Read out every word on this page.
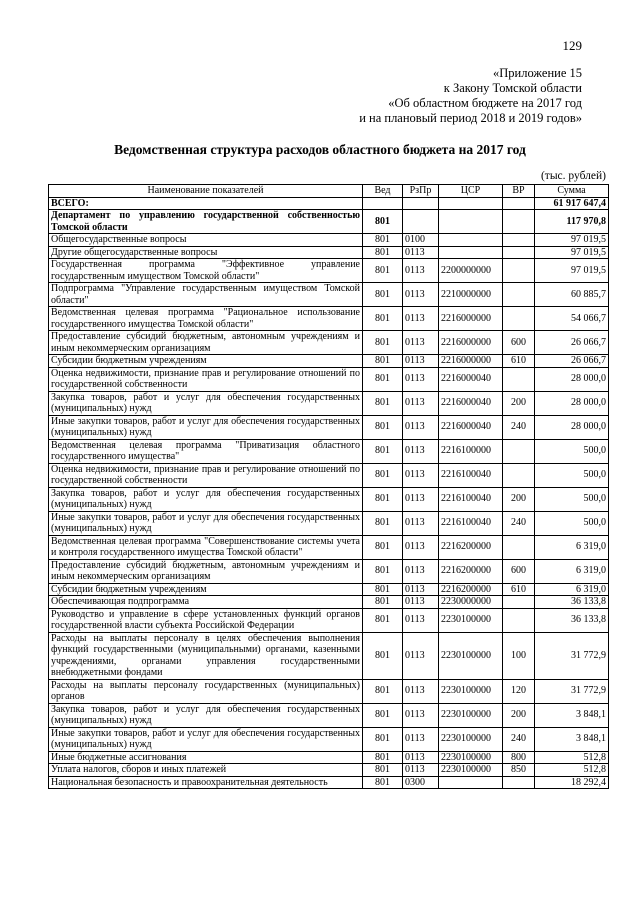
129
«Приложение 15
к Закону Томской области
«Об областном бюджете на 2017 год
и на плановый период 2018 и 2019 годов»
Ведомственная структура расходов областного бюджета на 2017 год
(тыс. рублей)
Наименование показателей	Вед	РзПр	ЦСР	ВР	Сумма
ВСЕГО:					61 917 647,4
Департамент по управлению государственной собственностью Томской области	801				117 970,8
Общегосударственные вопросы	801	0100			97 019,5
Другие общегосударственные вопросы	801	0113			97 019,5
Государственная программа "Эффективное управление государственным имуществом Томской области"	801	0113	2200000000		97 019,5
Подпрограмма "Управление государственным имуществом Томской области"	801	0113	2210000000		60 885,7
Ведомственная целевая программа "Рациональное использование государственного имущества Томской области"	801	0113	2216000000		54 066,7
Предоставление субсидий бюджетным, автономным учреждениям и иным некоммерческим организациям	801	0113	2216000000	600	26 066,7
Субсидии бюджетным учреждениям	801	0113	2216000000	610	26 066,7
Оценка недвижимости, признание прав и регулирование отношений по государственной собственности	801	0113	2216000040		28 000,0
Закупка товаров, работ и услуг для обеспечения государственных (муниципальных) нужд	801	0113	2216000040	200	28 000,0
Иные закупки товаров, работ и услуг для обеспечения государственных (муниципальных) нужд	801	0113	2216000040	240	28 000,0
Ведомственная целевая программа "Приватизация областного государственного имущества"	801	0113	2216100000		500,0
Оценка недвижимости, признание прав и регулирование отношений по государственной собственности	801	0113	2216100040		500,0
Закупка товаров, работ и услуг для обеспечения государственных (муниципальных) нужд	801	0113	2216100040	200	500,0
Иные закупки товаров, работ и услуг для обеспечения государственных (муниципальных) нужд	801	0113	2216100040	240	500,0
Ведомственная целевая программа "Совершенствование системы учета и контроля государственного имущества Томской области"	801	0113	2216200000		6 319,0
Предоставление субсидий бюджетным, автономным учреждениям и иным некоммерческим организациям	801	0113	2216200000	600	6 319,0
Субсидии бюджетным учреждениям	801	0113	2216200000	610	6 319,0
Обеспечивающая подпрограмма	801	0113	2230000000		36 133,8
Руководство и управление в сфере установленных функций органов государственной власти субъекта Российской Федерации	801	0113	2230100000		36 133,8
Расходы на выплаты персоналу в целях обеспечения выполнения функций государственными (муниципальными) органами, казенными учреждениями, органами управления государственными внебюджетными фондами	801	0113	2230100000	100	31 772,9
Расходы на выплаты персоналу государственных (муниципальных) органов	801	0113	2230100000	120	31 772,9
Закупка товаров, работ и услуг для обеспечения государственных (муниципальных) нужд	801	0113	2230100000	200	3 848,1
Иные закупки товаров, работ и услуг для обеспечения государственных (муниципальных) нужд	801	0113	2230100000	240	3 848,1
Иные бюджетные ассигнования	801	0113	2230100000	800	512,8
Уплата налогов, сборов и иных платежей	801	0113	2230100000	850	512,8
Национальная безопасность и правоохранительная деятельность	801	0300			18 292,4
